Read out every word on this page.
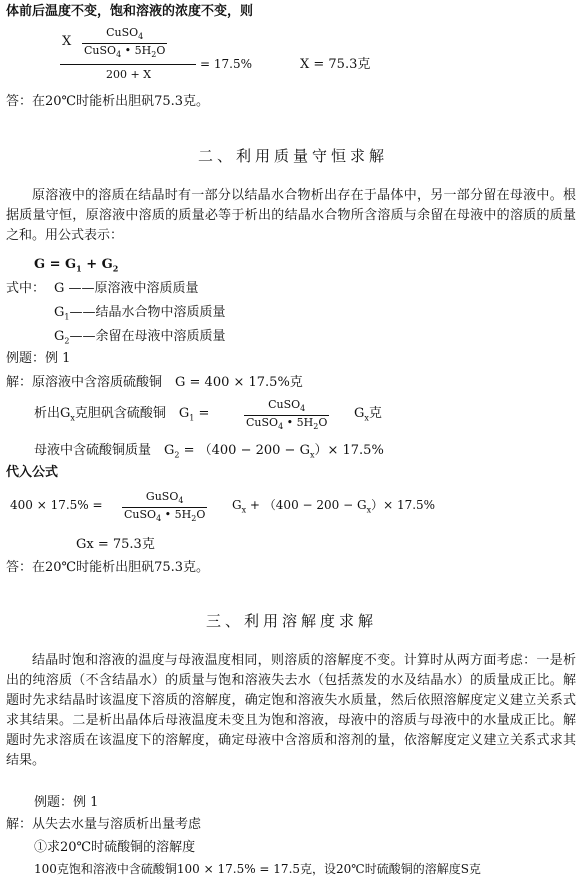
体前后温度不变，饱和溶液的浓度不变，则
X
CuSO$_4$
CuSO$_4$ • $5H_2O$
200 + X
= 17.5%	X = 75.3克
答：在20℃时能析出胆矾75.3克。
二、利用质量守恒求解
原溶液中的溶质在结晶时有一部分以结晶水合物析出存在于晶体中，另一部分留在母液中。根据质量守恒，原溶液中溶质的质量必等于析出的结晶水合物所含溶质与余留在母液中的溶质的质量之和。用公式表示：
$G = G_1 + G_2$
式中： G ——原溶液中溶质质量
$G_1——$结晶水合物中溶质质量
$G_2——$余留在母液中溶质质量
例题：例 1
解：原溶液中含溶质硫酸铜　G = 400 × 17.5%克
析出$G_x$克胆矾含硫酸铜　$G_1$ =
CuSO$_4$
CuSO$_4$ • $5H_2O$
$G_x$克
母液中含硫酸铜质量　$G_2 = (400 - 200 - G_x)\times 17.5\%$
代入公式
400 × 17.5% =
GuSO$_4$
CuSO$_4$ • $5H_2O$
$G_x + (400 - 200 - G_x)\times 17.5\%$
Gx = 75.3克
答：在20℃时能析出胆矾75.3克。
三、利用溶解度求解
结晶时饱和溶液的温度与母液温度相同，则溶质的溶解度不变。计算时从两方面考虑：一是析出的纯溶质（不含结晶水）的质量与饱和溶液失去水（包括蒸发的水及结晶水）的质量成正比。解题时先求结晶时该温度下溶质的溶解度，确定饱和溶液失水质量，然后依照溶解度定义建立关系式求其结果。二是析出晶体后母液温度未变且为饱和溶液，母液中的溶质与母液中的水量成正比。解题时先求溶质在该温度下的溶解度，确定母液中含溶质和溶剂的量，依溶解度定义建立关系式求其结果。
例题：例 1
解：从失去水量与溶质析出量考虑
①求20℃时硫酸铜的溶解度
100克饱和溶液中含硫酸铜100 × 17.5% = 17.5克，设20℃时硫酸铜的溶解度S克
